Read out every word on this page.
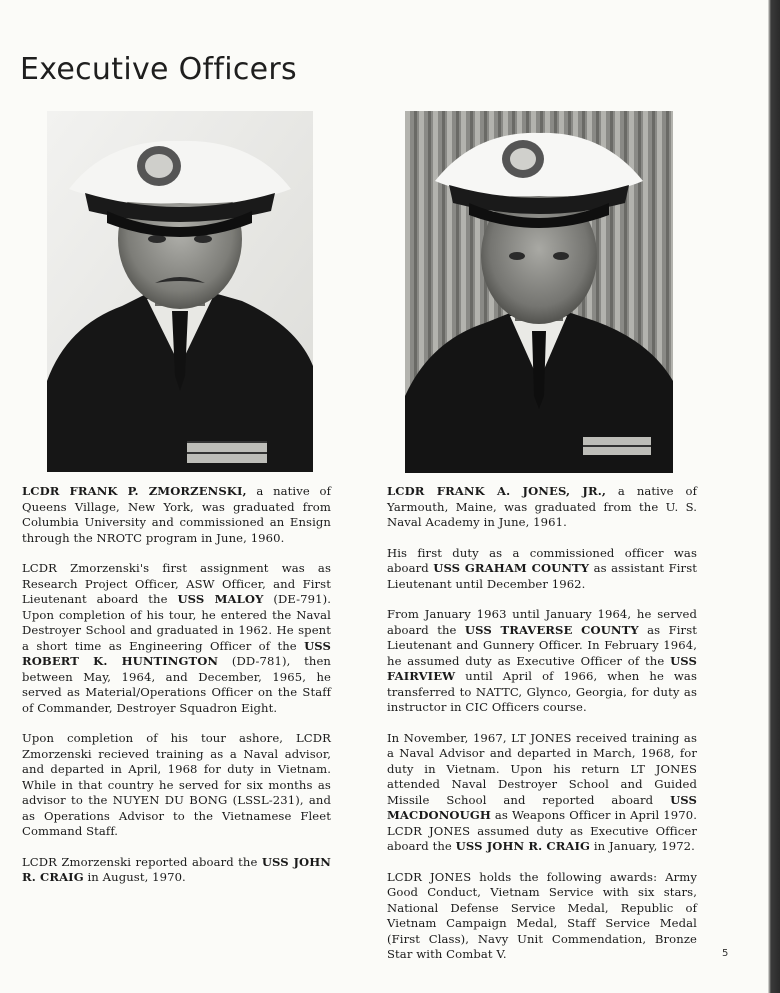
Executive Officers

LCDR FRANK P. ZMORZENSKI, a native of Queens Village, New York, was graduated from Columbia University and commissioned an Ensign through the NROTC program in June, 1960.

LCDR Zmorzenski's first assignment was as Research Project Officer, ASW Officer, and First Lieutenant aboard the USS MALOY (DE-791). Upon completion of his tour, he entered the Naval Destroyer School and graduated in 1962. He spent a short time as Engineering Officer of the USS ROBERT K. HUNTINGTON (DD-781), then between May, 1964, and December, 1965, he served as Material/Operations Officer on the Staff of Commander, Destroyer Squadron Eight.

Upon completion of his tour ashore, LCDR Zmorzenski recieved training as a Naval advisor, and departed in April, 1968 for duty in Vietnam. While in that country he served for six months as advisor to the NUYEN DU BONG (LSSL-231), and as Operations Advisor to the Vietnamese Fleet Command Staff.

LCDR Zmorzenski reported aboard the USS JOHN R. CRAIG in August, 1970.

LCDR FRANK A. JONES, JR., a native of Yarmouth, Maine, was graduated from the U. S. Naval Academy in June, 1961.

His first duty as a commissioned officer was aboard USS GRAHAM COUNTY as assistant First Lieutenant until December 1962.

From January 1963 until January 1964, he served aboard the USS TRAVERSE COUNTY as First Lieutenant and Gunnery Officer. In February 1964, he assumed duty as Executive Officer of the USS FAIRVIEW until April of 1966, when he was transferred to NATTC, Glynco, Georgia, for duty as instructor in CIC Officers course.

In November, 1967, LT JONES received training as a Naval Advisor and departed in March, 1968, for duty in Vietnam. Upon his return LT JONES attended Naval Destroyer School and Guided Missile School and reported aboard USS MACDONOUGH as Weapons Officer in April 1970. LCDR JONES assumed duty as Executive Officer aboard the USS JOHN R. CRAIG in January, 1972.

LCDR JONES holds the following awards: Army Good Conduct, Vietnam Service with six stars, National Defense Service Medal, Republic of Vietnam Campaign Medal, Staff Service Medal (First Class), Navy Unit Commendation, Bronze Star with Combat V.	5
